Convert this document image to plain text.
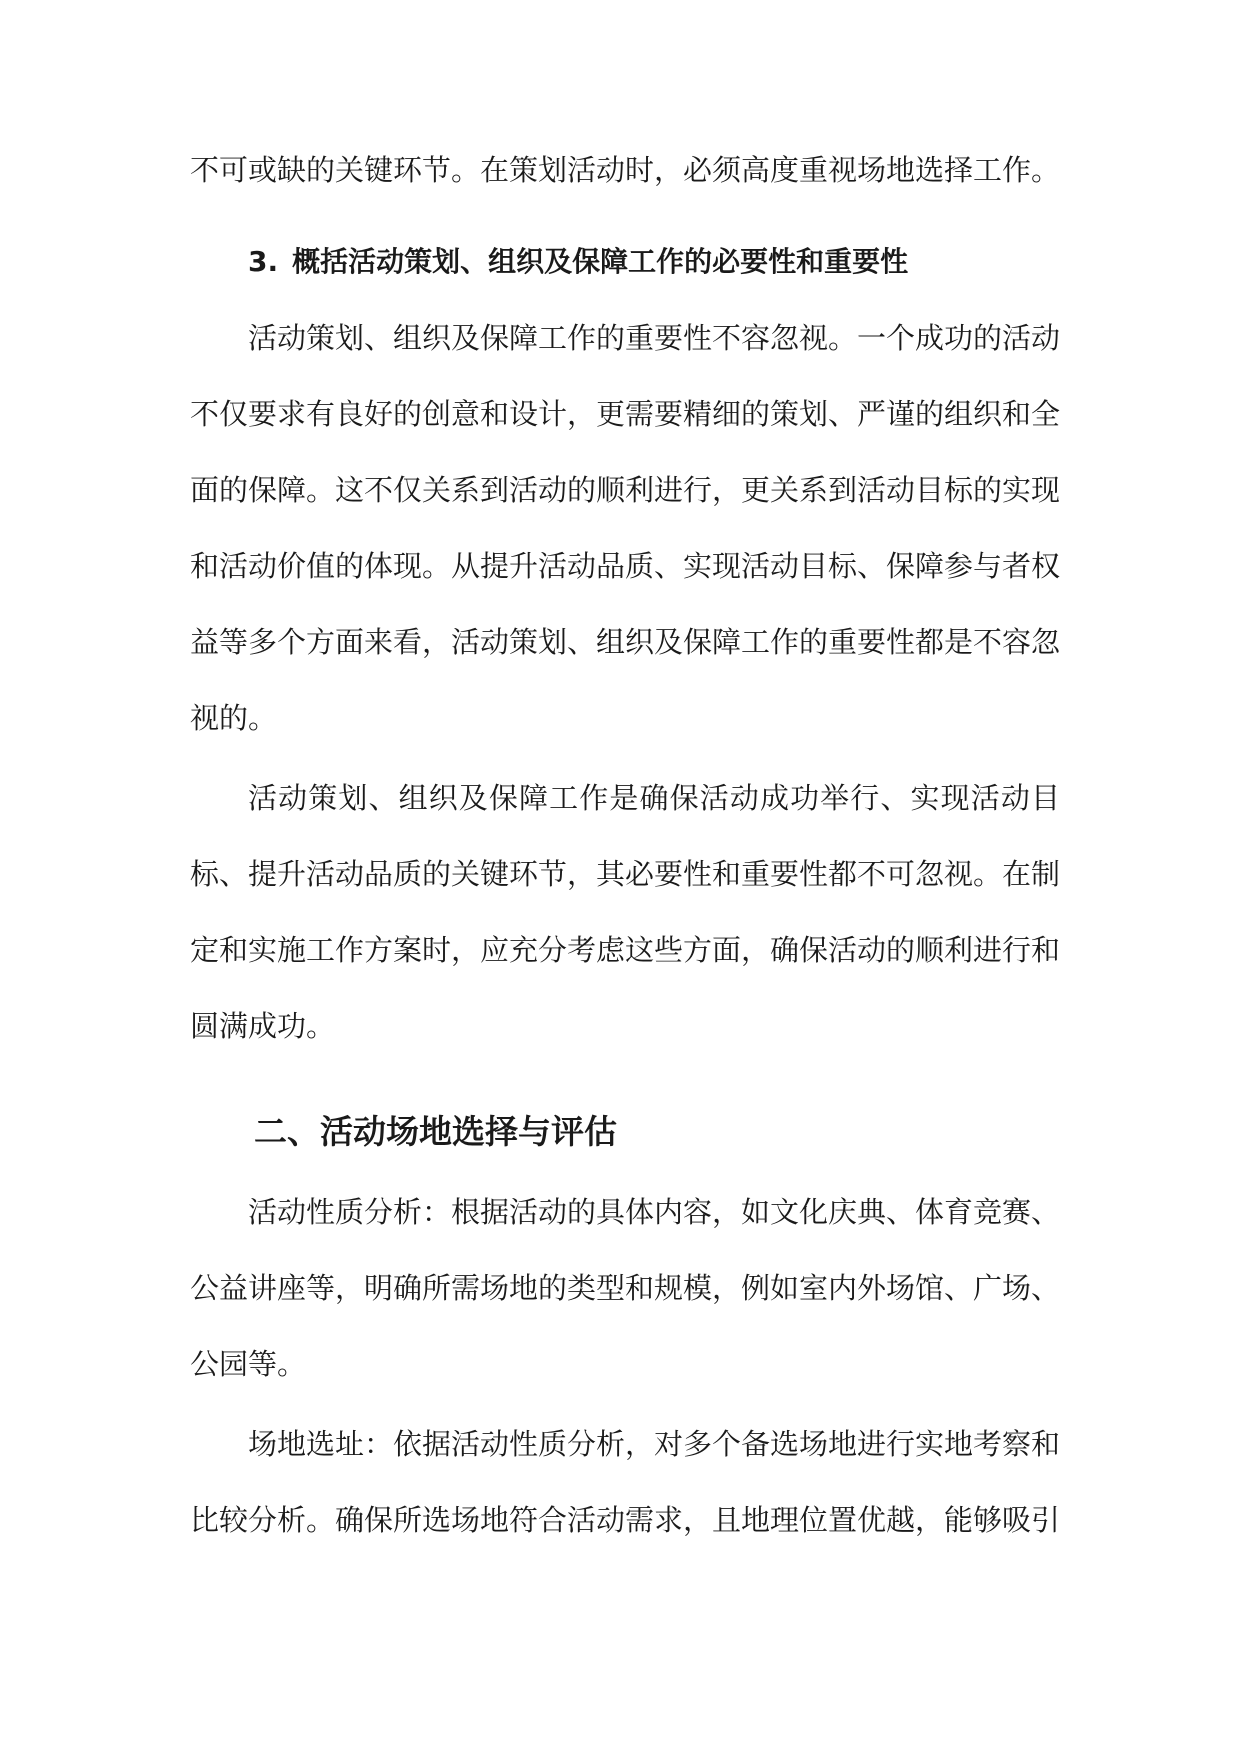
不可或缺的关键环节。在策划活动时，必须高度重视场地选择工作。

3. 概括活动策划、组织及保障工作的必要性和重要性

活动策划、组织及保障工作的重要性不容忽视。一个成功的活动不仅要求有良好的创意和设计，更需要精细的策划、严谨的组织和全面的保障。这不仅关系到活动的顺利进行，更关系到活动目标的实现和活动价值的体现。从提升活动品质、实现活动目标、保障参与者权益等多个方面来看，活动策划、组织及保障工作的重要性都是不容忽视的。

活动策划、组织及保障工作是确保活动成功举行、实现活动目标、提升活动品质的关键环节，其必要性和重要性都不可忽视。在制定和实施工作方案时，应充分考虑这些方面，确保活动的顺利进行和圆满成功。

二、活动场地选择与评估

活动性质分析：根据活动的具体内容，如文化庆典、体育竞赛、公益讲座等，明确所需场地的类型和规模，例如室内外场馆、广场、公园等。

场地选址：依据活动性质分析，对多个备选场地进行实地考察和比较分析。确保所选场地符合活动需求，且地理位置优越，能够吸引
